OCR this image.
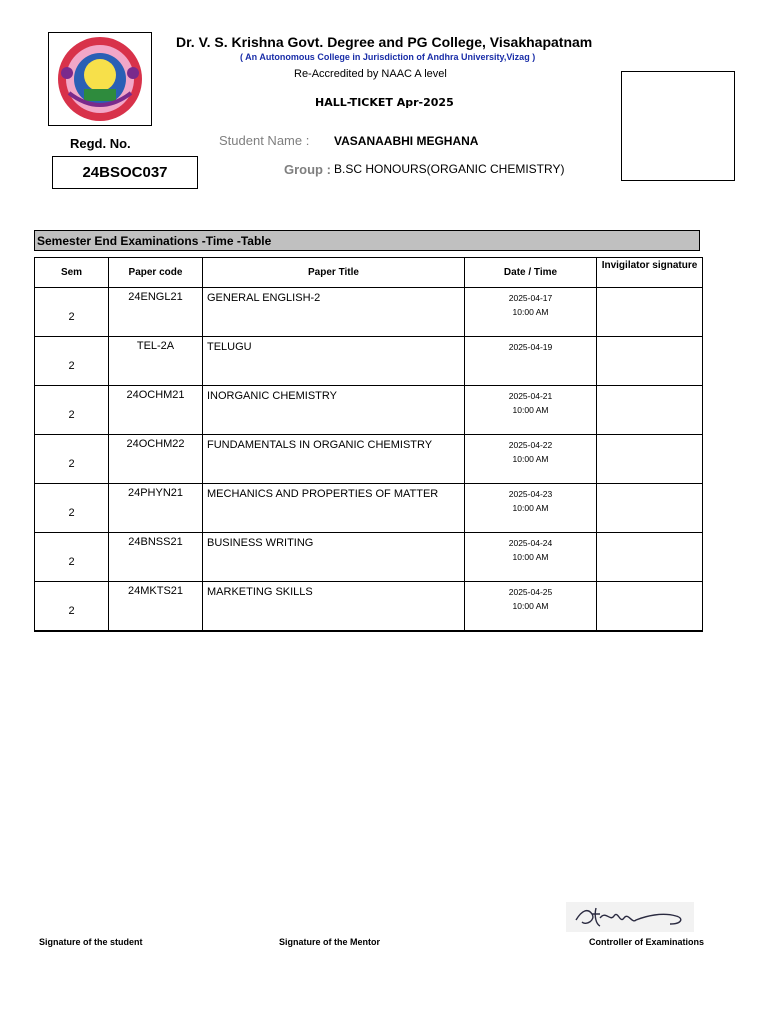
Dr. V. S. Krishna Govt. Degree and PG College, Visakhapatnam
( An Autonomous College in Jurisdiction of Andhra University,Vizag )
Re-Accredited by NAAC A level
HALL-TICKET Apr-2025
Regd. No.
24BSOC037
Student Name : VASANAABHI MEGHANA
Group : B.SC HONOURS(ORGANIC CHEMISTRY)
Semester End Examinations -Time -Table
Sem	Paper code	Paper Title	Date / Time	Invigilator signature
2	24ENGL21	GENERAL ENGLISH-2	2025-04-17
10:00 AM	

2	TEL-2A	TELUGU	2025-04-19	

2	24OCHM21	INORGANIC CHEMISTRY	2025-04-21
10:00 AM	

2	24OCHM22	FUNDAMENTALS IN ORGANIC CHEMISTRY	2025-04-22
10:00 AM	

2	24PHYN21	MECHANICS AND PROPERTIES OF MATTER	2025-04-23
10:00 AM	

2	24BNSS21	BUSINESS WRITING	2025-04-24
10:00 AM	

2	24MKTS21	MARKETING SKILLS	2025-04-25
10:00 AM	

Signature of the student	Signature of the Mentor	Controller of Examinations
